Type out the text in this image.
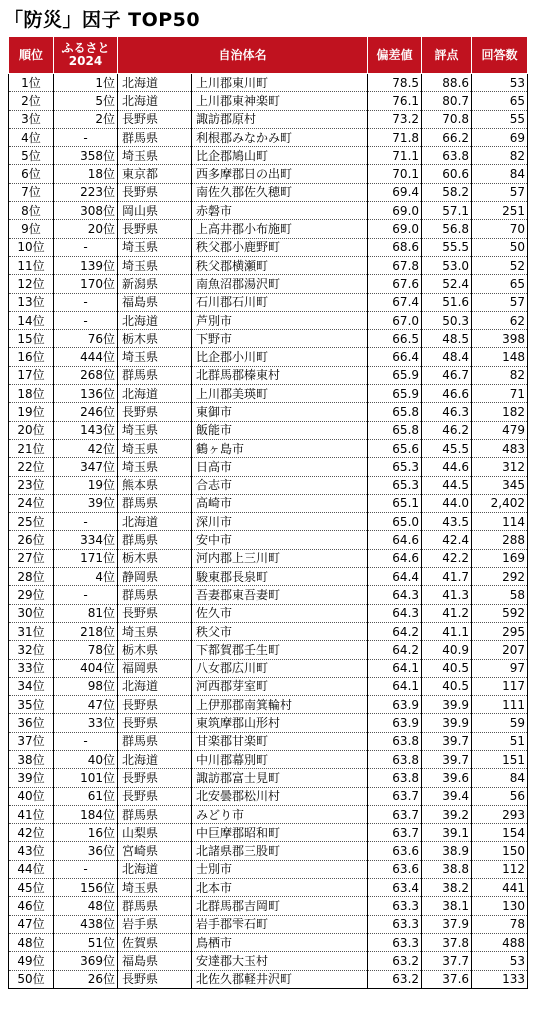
「防災」因子 TOP50
順位	ふるさと
2024	自治体名		偏差値	評点	回答数
1位	1位	北海道	上川郡東川町	78.5	88.6	53
2位	5位	北海道	上川郡東神楽町	76.1	80.7	65
3位	2位	長野県	諏訪郡原村	73.2	70.8	55
4位	-	群馬県	利根郡みなかみ町	71.8	66.2	69
5位	358位	埼玉県	比企郡鳩山町	71.1	63.8	82
6位	18位	東京都	西多摩郡日の出町	70.1	60.6	84
7位	223位	長野県	南佐久郡佐久穂町	69.4	58.2	57
8位	308位	岡山県	赤磐市	69.0	57.1	251
9位	20位	長野県	上高井郡小布施町	69.0	56.8	70
10位	-	埼玉県	秩父郡小鹿野町	68.6	55.5	50
11位	139位	埼玉県	秩父郡横瀬町	67.8	53.0	52
12位	170位	新潟県	南魚沼郡湯沢町	67.6	52.4	65
13位	-	福島県	石川郡石川町	67.4	51.6	57
14位	-	北海道	芦別市	67.0	50.3	62
15位	76位	栃木県	下野市	66.5	48.5	398
16位	444位	埼玉県	比企郡小川町	66.4	48.4	148
17位	268位	群馬県	北群馬郡榛東村	65.9	46.7	82
18位	136位	北海道	上川郡美瑛町	65.9	46.6	71
19位	246位	長野県	東御市	65.8	46.3	182
20位	143位	埼玉県	飯能市	65.8	46.2	479
21位	42位	埼玉県	鶴ヶ島市	65.6	45.5	483
22位	347位	埼玉県	日高市	65.3	44.6	312
23位	19位	熊本県	合志市	65.3	44.5	345
24位	39位	群馬県	高崎市	65.1	44.0	2,402
25位	-	北海道	深川市	65.0	43.5	114
26位	334位	群馬県	安中市	64.6	42.4	288
27位	171位	栃木県	河内郡上三川町	64.6	42.2	169
28位	4位	静岡県	駿東郡長泉町	64.4	41.7	292
29位	-	群馬県	吾妻郡東吾妻町	64.3	41.3	58
30位	81位	長野県	佐久市	64.3	41.2	592
31位	218位	埼玉県	秩父市	64.2	41.1	295
32位	78位	栃木県	下都賀郡壬生町	64.2	40.9	207
33位	404位	福岡県	八女郡広川町	64.1	40.5	97
34位	98位	北海道	河西郡芽室町	64.1	40.5	117
35位	47位	長野県	上伊那郡南箕輪村	63.9	39.9	111
36位	33位	長野県	東筑摩郡山形村	63.9	39.9	59
37位	-	群馬県	甘楽郡甘楽町	63.8	39.7	51
38位	40位	北海道	中川郡幕別町	63.8	39.7	151
39位	101位	長野県	諏訪郡富士見町	63.8	39.6	84
40位	61位	長野県	北安曇郡松川村	63.7	39.4	56
41位	184位	群馬県	みどり市	63.7	39.2	293
42位	16位	山梨県	中巨摩郡昭和町	63.7	39.1	154
43位	36位	宮崎県	北諸県郡三股町	63.6	38.9	150
44位	-	北海道	士別市	63.6	38.8	112
45位	156位	埼玉県	北本市	63.4	38.2	441
46位	48位	群馬県	北群馬郡吉岡町	63.3	38.1	130
47位	438位	岩手県	岩手郡雫石町	63.3	37.9	78
48位	51位	佐賀県	鳥栖市	63.3	37.8	488
49位	369位	福島県	安達郡大玉村	63.2	37.7	53
50位	26位	長野県	北佐久郡軽井沢町	63.2	37.6	133
